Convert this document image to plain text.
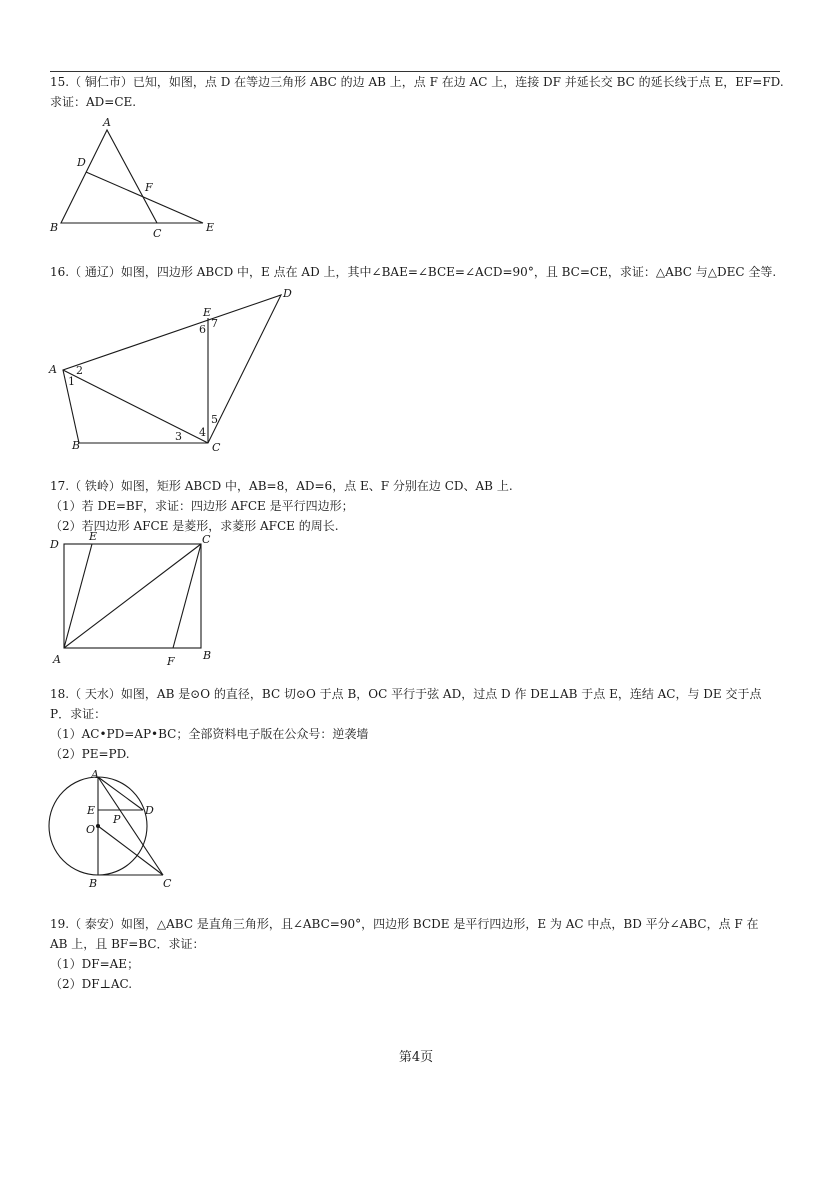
15.（ 铜仁市）已知，如图，点 D 在等边三角形 ABC 的边 AB 上，点 F 在边 AC 上，连接 DF 并延长交 BC 的延长线于点 E，EF=FD.

求证：AD=CE.

A
B	C
D
E
F

16.（ 通辽）如图，四边形 ABCD 中，E 点在 AD 上，其中∠BAE=∠BCE=∠ACD=90°，且 BC=CE，求证：△ABC 与△DEC 全等.

A
B	C
D
E
1
2
3 4
5
6 7

17.（ 铁岭）如图，矩形 ABCD 中，AB=8，AD=6，点 E、F 分别在边 CD、AB 上.

（1）若 DE=BF，求证：四边形 AFCE 是平行四边形；

（2）若四边形 AFCE 是菱形，求菱形 AFCE 的周长.

A	B
C
D
E
F

18.（ 天水）如图，AB 是⊙O 的直径，BC 切⊙O 于点 B，OC 平行于弦 AD，过点 D 作 DE⊥AB 于点 E，连结 AC，与 DE 交于点

P．求证：

（1）AC•PD=AP•BC；全部资料电子版在公众号：逆袭墙

（2）PE=PD.

A
B	C
D
E
O
P

19.（ 泰安）如图，△ABC 是直角三角形，且∠ABC=90°，四边形 BCDE 是平行四边形，E 为 AC 中点，BD 平分∠ABC，点 F 在

AB 上，且 BF=BC．求证：

（1）DF=AE；

（2）DF⊥AC.

第4页
